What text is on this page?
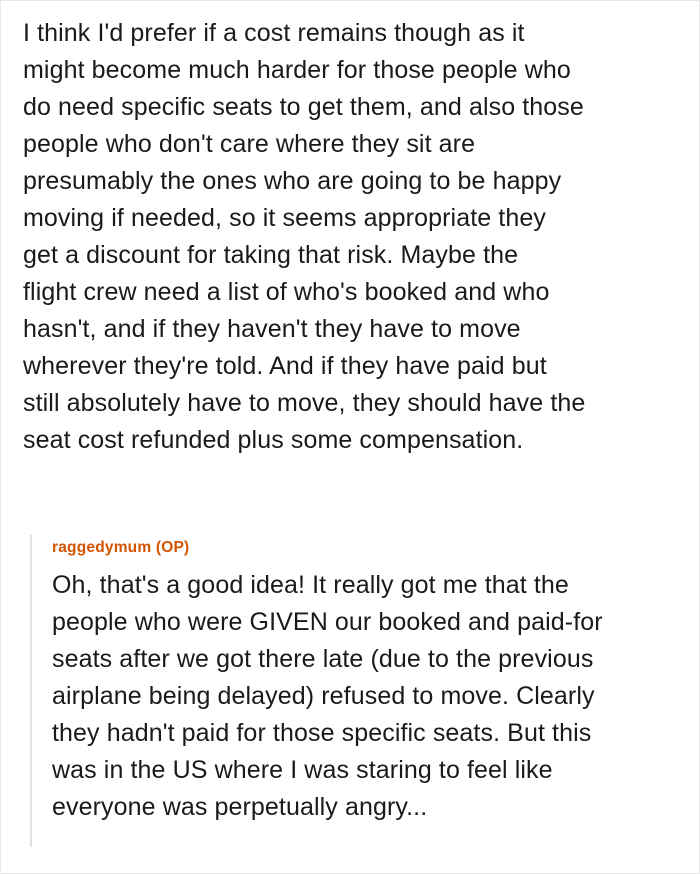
I think I'd prefer if a cost remains though as it
might become much harder for those people who
do need specific seats to get them, and also those
people who don't care where they sit are
presumably the ones who are going to be happy
moving if needed, so it seems appropriate they
get a discount for taking that risk. Maybe the
flight crew need a list of who's booked and who
hasn't, and if they haven't they have to move
wherever they're told. And if they have paid but
still absolutely have to move, they should have the
seat cost refunded plus some compensation.
raggedymum (OP)
Oh, that's a good idea! It really got me that the
people who were GIVEN our booked and paid-for
seats after we got there late (due to the previous
airplane being delayed) refused to move. Clearly
they hadn't paid for those specific seats. But this
was in the US where I was staring to feel like
everyone was perpetually angry...
